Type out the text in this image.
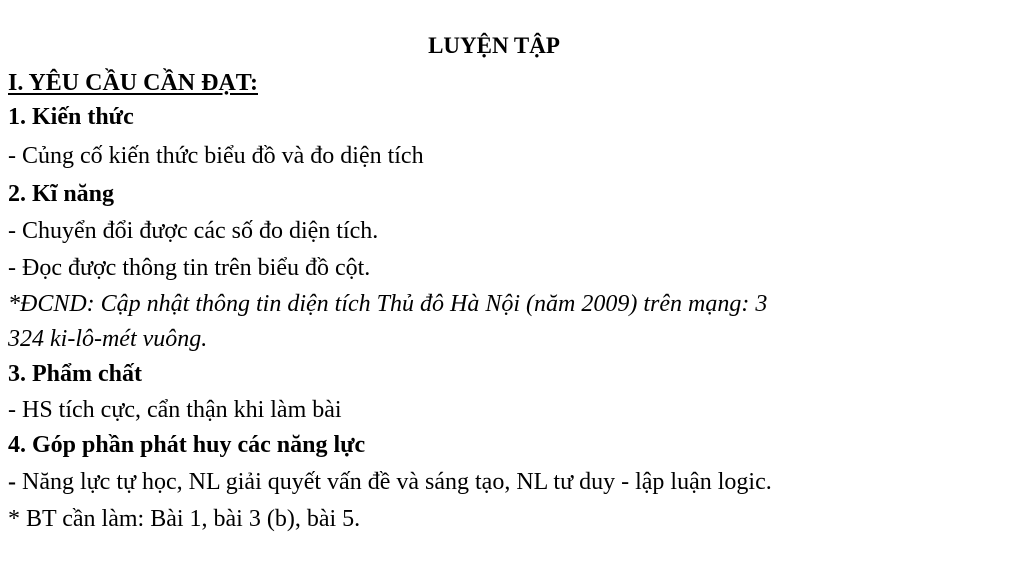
LUYỆN TẬP
I. YÊU CẦU CẦN ĐẠT:
1. Kiến thức
- Củng cố kiến thức biểu đồ và đo diện tích
2. Kĩ năng
- Chuyển đổi được các số đo diện tích.
- Đọc được thông tin trên biểu đồ cột.
*ĐCND: Cập nhật thông tin diện tích Thủ đô Hà Nội (năm 2009) trên mạng: 3
324 ki-lô-mét vuông.
3. Phẩm chất
- HS tích cực, cẩn thận khi làm bài
4. Góp phần phát huy các năng lực
- Năng lực tự học, NL giải quyết vấn đề và sáng tạo, NL tư duy - lập luận logic.
* BT cần làm: Bài 1, bài 3 (b), bài 5.
